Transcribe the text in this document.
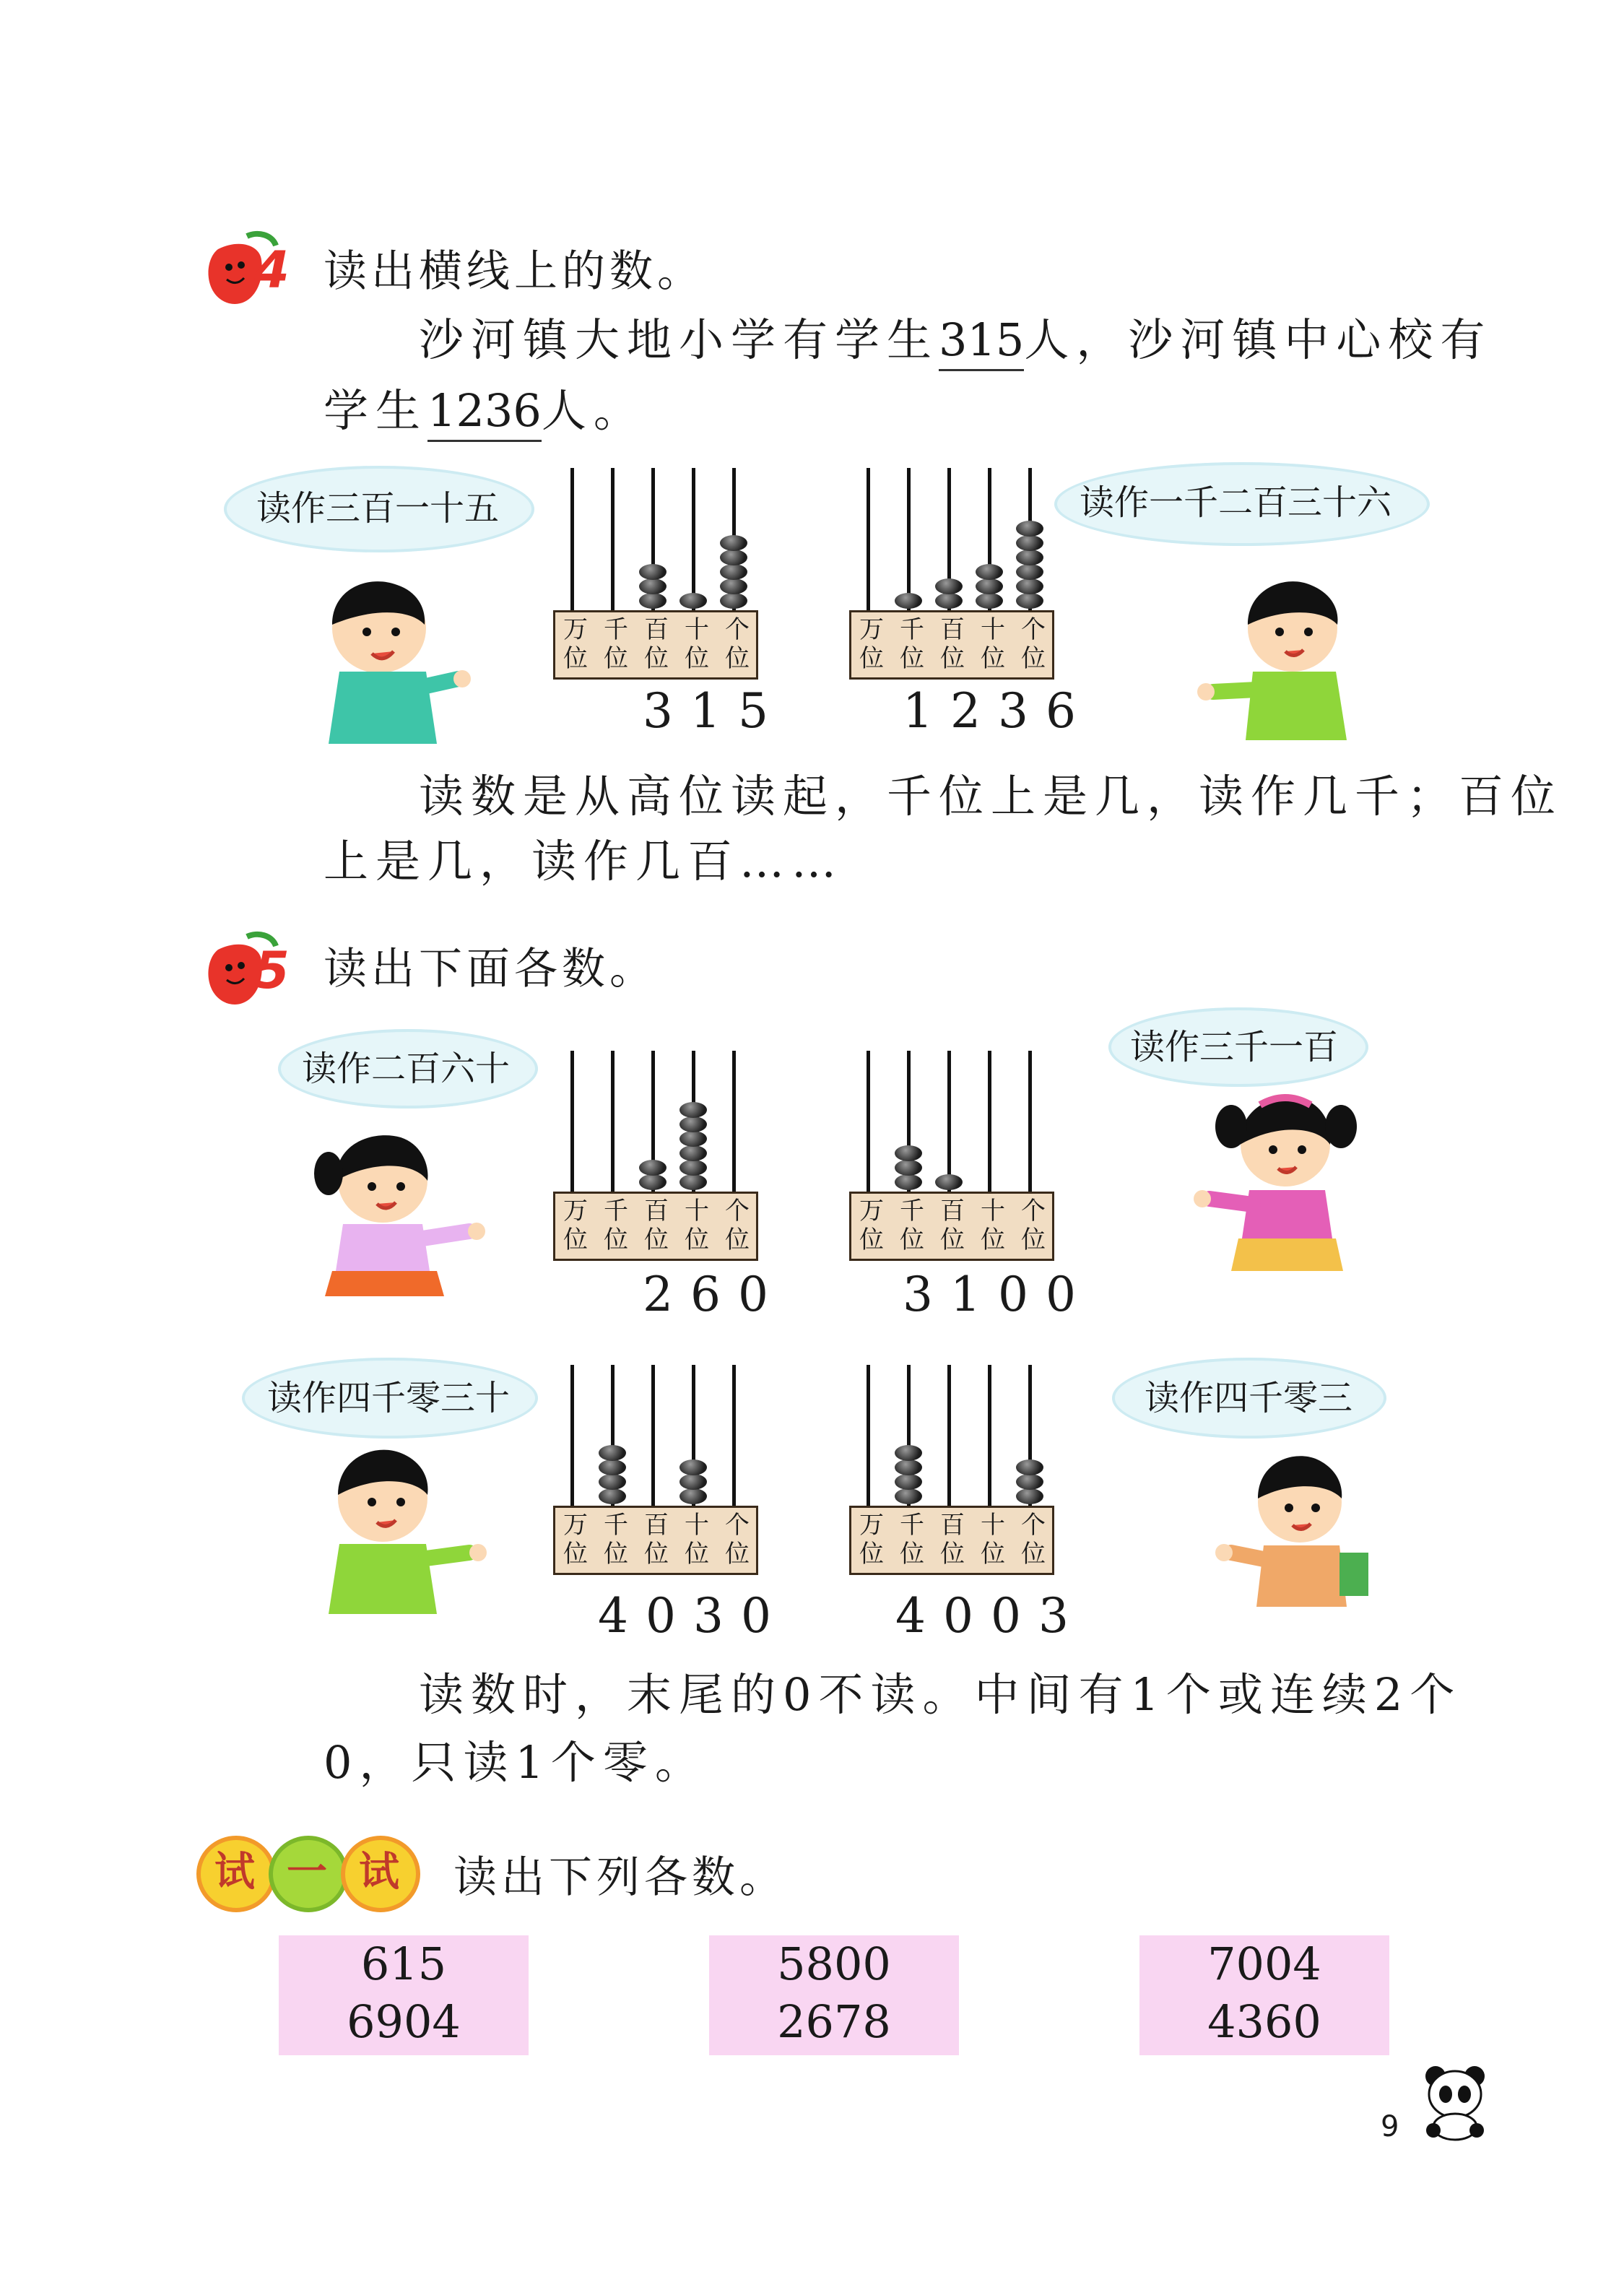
4 读出横线上的数。
沙河镇大地小学有学生315人，沙河镇中心校有
学生1236人。
读作三百一十五	读作一千二百三十六
万
位
千
位
百
位
十
位
个
位
315
万
位
千
位
百
位
十
位
个
位
1236
万
位
千
位
百
位
十
位
个
位
260
万
位
千
位
百
位
十
位
个
位
3100
万
位
千
位
百
位
十
位
个
位
4030
万
位
千
位
百
位
十
位
个
位
4003
读数是从高位读起，千位上是几，读作几千；百位
上是几，读作几百……
5 读出下面各数。
读作二百六十
读作三千一百
读作四千零三十	读作四千零三
读数时，末尾的0不读。中间有1个或连续2个
0，只读1个零。
试 一 试 读出下列各数。
615
6904
5800
2678
7004
4360
9
